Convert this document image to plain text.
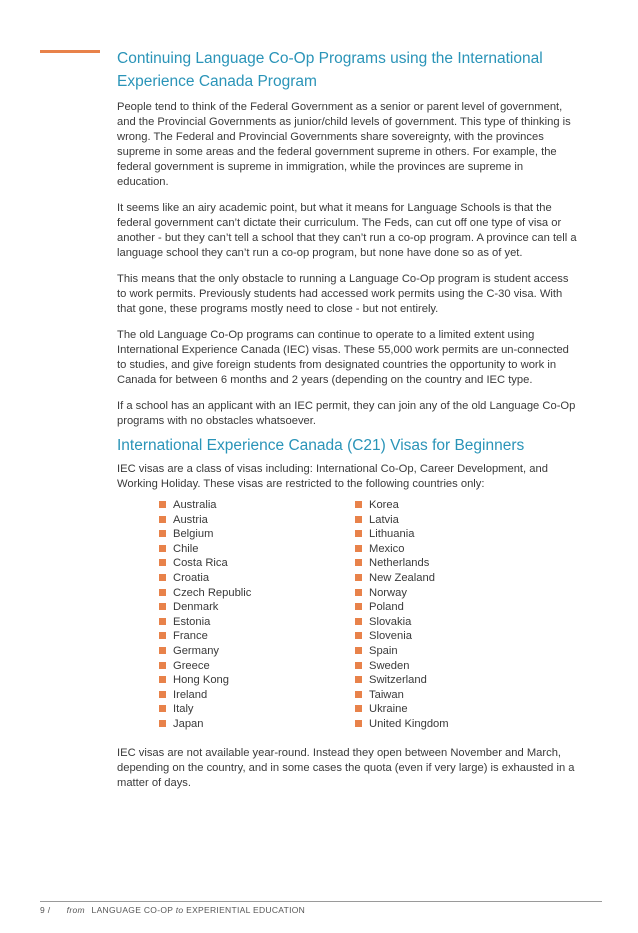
Continuing Language Co-Op Programs using the International Experience Canada Program

People tend to think of the Federal Government as a senior or parent level of government, and the Provincial Governments as junior/child levels of government. This type of thinking is wrong. The Federal and Provincial Governments share sovereignty, with the provinces supreme in some areas and the federal government supreme in others. For example, the federal government is supreme in immigration, while the provinces are supreme in education.

It seems like an airy academic point, but what it means for Language Schools is that the federal government can’t dictate their curriculum. The Feds, can cut off one type of visa or another - but they can’t tell a school that they can’t run a co-op program. A province can tell a language school they can’t run a co-op program, but none have done so as of yet.

This means that the only obstacle to running a Language Co-Op program is student access to work permits. Previously students had accessed work permits using the C-30 visa. With that gone, these programs mostly need to close - but not entirely.

The old Language Co-Op programs can continue to operate to a limited extent using International Experience Canada (IEC) visas. These 55,000 work permits are un-connected to studies, and give foreign students from designated countries the opportunity to work in Canada for between 6 months and 2 years (depending on the country and IEC type.

If a school has an applicant with an IEC permit, they can join any of the old Language Co-Op programs with no obstacles whatsoever.

International Experience Canada (C21) Visas for Beginners

IEC visas are a class of visas including: International Co-Op, Career Development, and Working Holiday. These visas are restricted to the following countries only:

Australia
Austria
Belgium
Chile
Costa Rica
Croatia
Czech Republic
Denmark
Estonia
France
Germany
Greece
Hong Kong
Ireland
Italy
Japan
Korea
Latvia
Lithuania
Mexico
Netherlands
New Zealand
Norway
Poland
Slovakia
Slovenia
Spain
Sweden
Switzerland
Taiwan
Ukraine
United Kingdom

IEC visas are not available year-round. Instead they open between November and March, depending on the country, and in some cases the quota (even if very large) is exhausted in a matter of days.

9 / from LANGUAGE CO-OP to EXPERIENTIAL EDUCATION
